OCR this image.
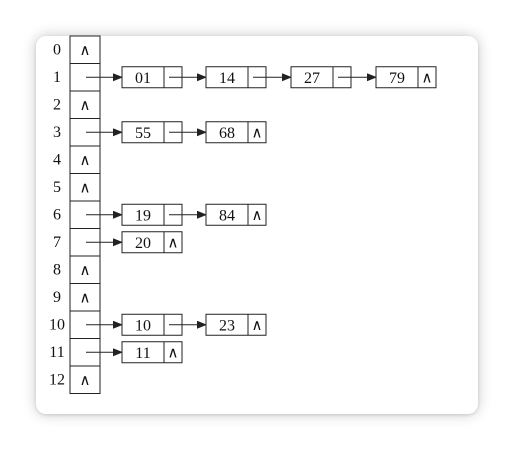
0 ∧
1	01	14	27	79 ∧
2 ∧
3	55	68 ∧
4 ∧
5 ∧
6	19	84 ∧
7	20 ∧
8 ∧
9 ∧
10	10	23 ∧
11	11 ∧
12 ∧
